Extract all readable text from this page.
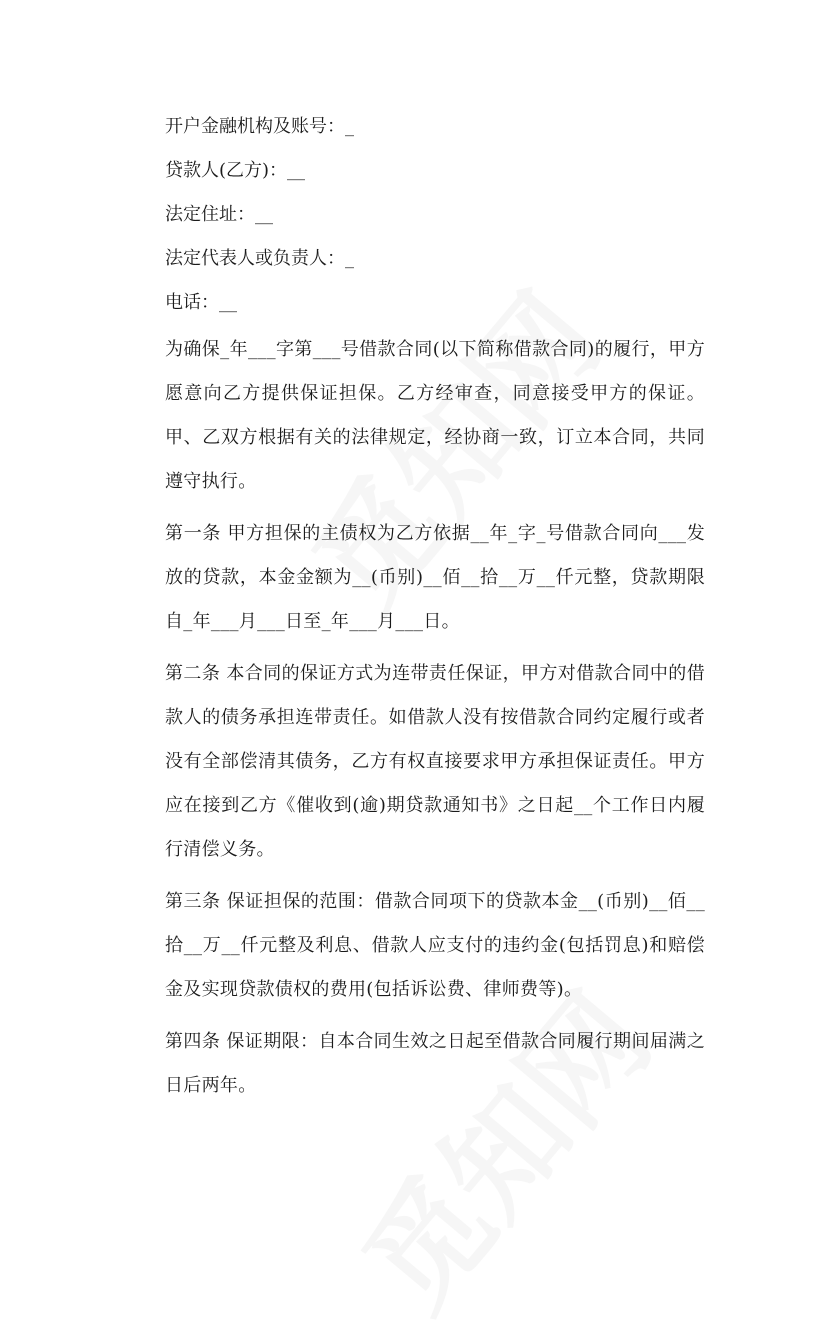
开户金融机构及账号：_

贷款人(乙方)：__

法定住址：__

法定代表人或负责人：_

电话：__

为确保_年___字第___号借款合同(以下简称借款合同)的履行，甲方愿意向乙方提供保证担保。乙方经审查，同意接受甲方的保证。甲、乙双方根据有关的法律规定，经协商一致，订立本合同，共同遵守执行。

第一条 甲方担保的主债权为乙方依据__年_字_号借款合同向___发放的贷款，本金金额为__(币别)__佰__拾__万__仟元整，贷款期限自_年___月___日至_年___月___日。

第二条 本合同的保证方式为连带责任保证，甲方对借款合同中的借款人的债务承担连带责任。如借款人没有按借款合同约定履行或者没有全部偿清其债务，乙方有权直接要求甲方承担保证责任。甲方应在接到乙方《催收到(逾)期贷款通知书》之日起__个工作日内履行清偿义务。

第三条 保证担保的范围：借款合同项下的贷款本金__(币别)__佰__拾__万__仟元整及利息、借款人应支付的违约金(包括罚息)和赔偿金及实现贷款债权的费用(包括诉讼费、律师费等)。

第四条 保证期限：自本合同生效之日起至借款合同履行期间届满之日后两年。
